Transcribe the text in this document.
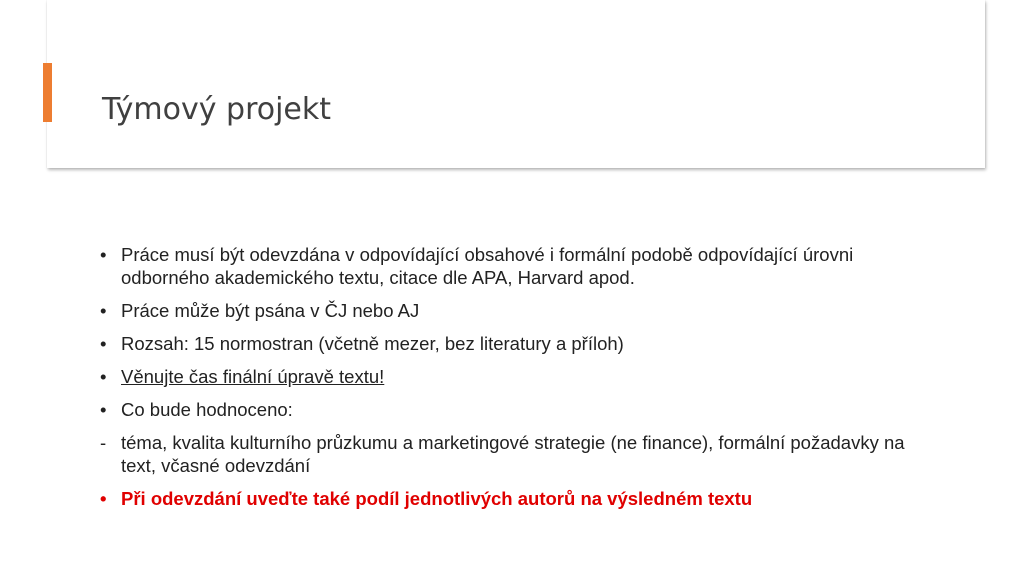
Týmový projekt
• Práce musí být odevzdána v odpovídající obsahové i formální podobě odpovídající úrovni odborného akademického textu, citace dle APA, Harvard apod.
• Práce může být psána v ČJ nebo AJ
• Rozsah: 15 normostran (včetně mezer, bez literatury a příloh)
• Věnujte čas finální úpravě textu!
• Co bude hodnoceno:
- téma, kvalita kulturního průzkumu a marketingové strategie (ne finance), formální požadavky na text, včasné odevzdání
• Při odevzdání uveďte také podíl jednotlivých autorů na výsledném textu
